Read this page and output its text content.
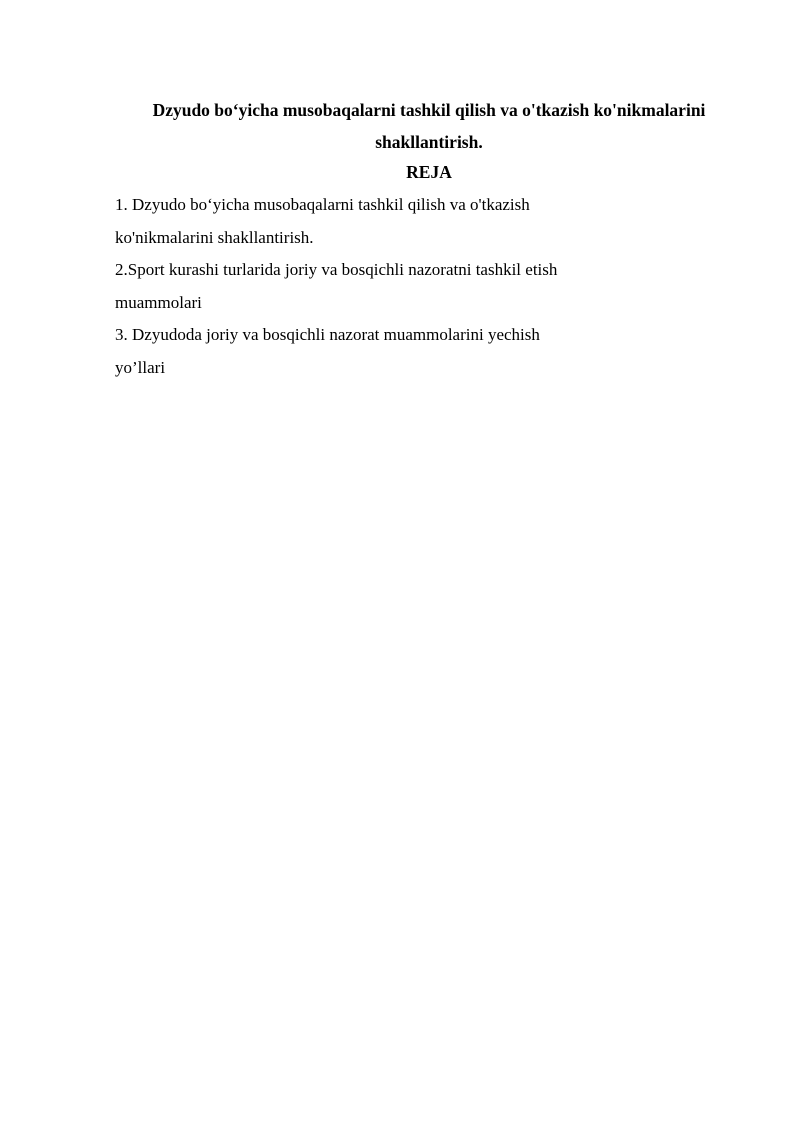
Dzyudo bo‘yicha musobaqalarni tashkil qilish va o'tkazish ko'nikmalarini
shakllantirish.
REJA
1. Dzyudo bo‘yicha musobaqalarni tashkil qilish va o'tkazish
ko'nikmalarini shakllantirish.
2.Sport kurashi turlarida joriy va bosqichli nazoratni tashkil etish
muammolari
3. Dzyudoda joriy va bosqichli nazorat muammolarini yechish
yo’llari
